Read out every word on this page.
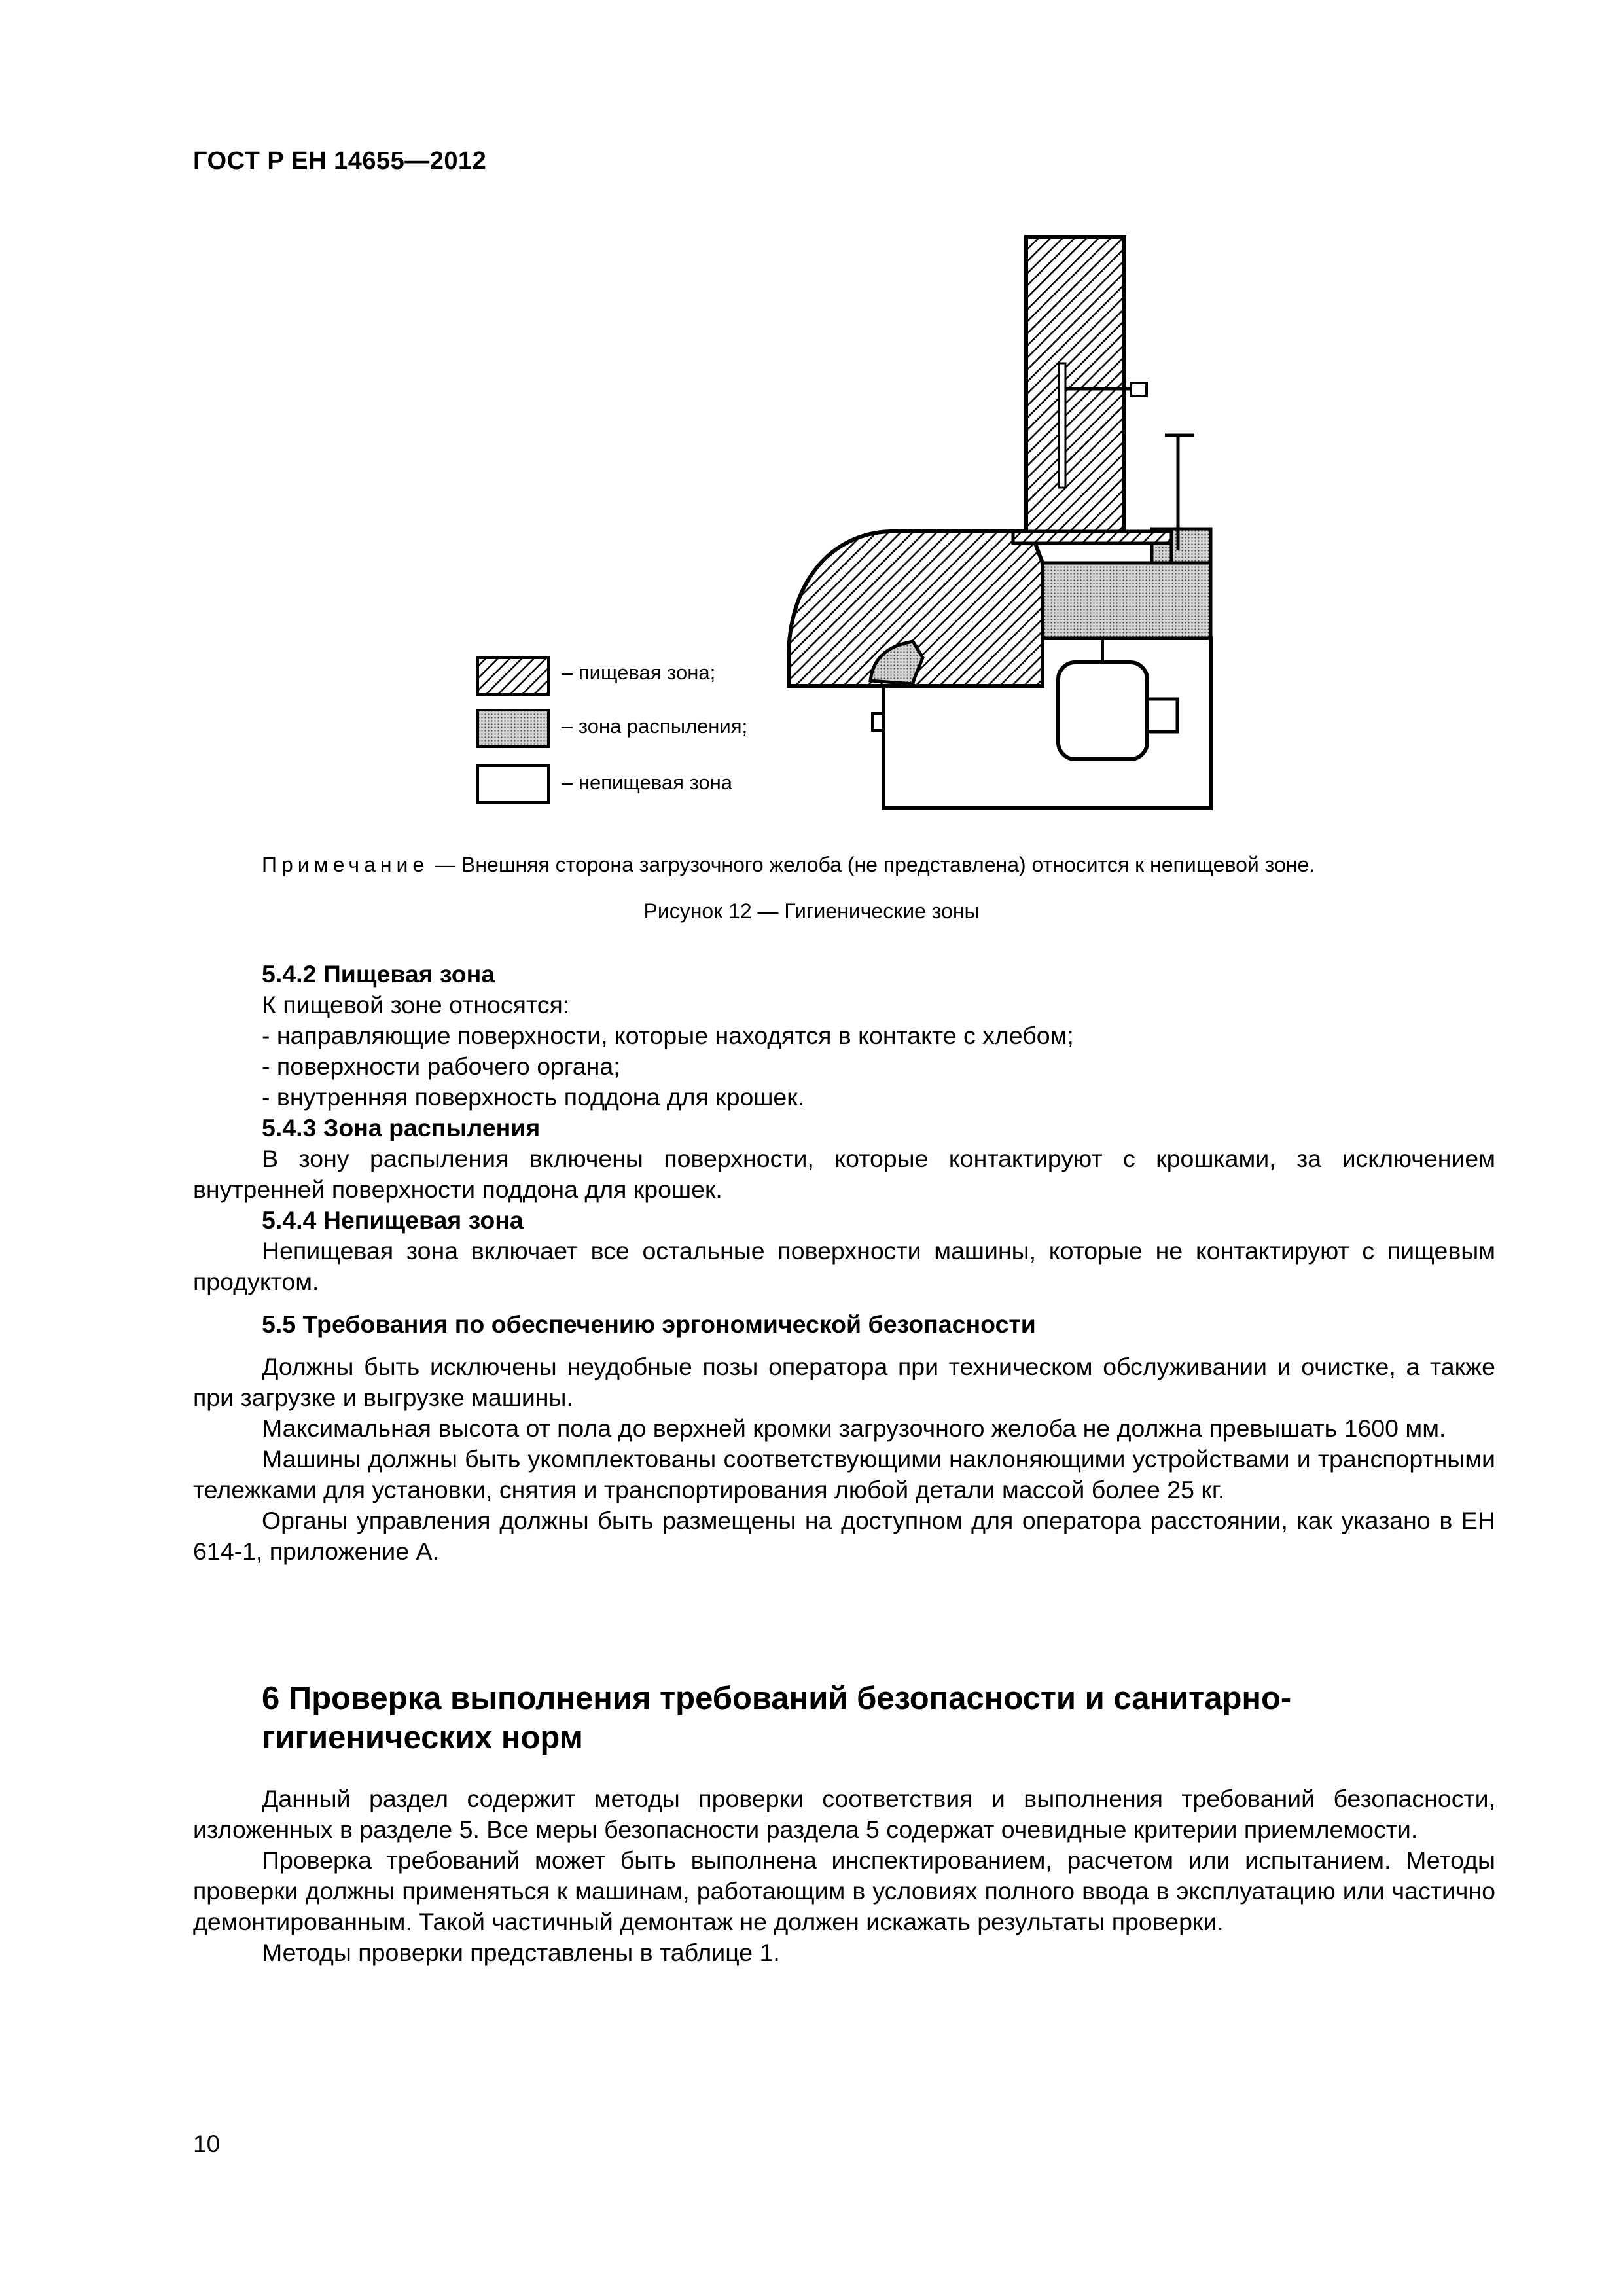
ГОСТ Р ЕН 14655—2012
– пищевая зона;
– зона распыления;
– непищевая зона
Примечание — Внешняя сторона загрузочного желоба (не представлена) относится к непищевой зоне.
Рисунок 12 — Гигиенические зоны

5.4.2 Пищевая зона

К пищевой зоне относятся:

- направляющие поверхности, которые находятся в контакте с хлебом;

- поверхности рабочего органа;

- внутренняя поверхность поддона для крошек.

5.4.3 Зона распыления

В зону распыления включены поверхности, которые контактируют с крошками, за исключением внутренней поверхности поддона для крошек.

5.4.4 Непищевая зона

Непищевая зона включает все остальные поверхности машины, которые не контактируют с пищевым продуктом.

5.5 Требования по обеспечению эргономической безопасности

Должны быть исключены неудобные позы оператора при техническом обслуживании и очистке, а также при загрузке и выгрузке машины.

Максимальная высота от пола до верхней кромки загрузочного желоба не должна превышать 1600 мм.

Машины должны быть укомплектованы соответствующими наклоняющими устройствами и транспортными тележками для установки, снятия и транспортирования любой детали массой более 25 кг.

Органы управления должны быть размещены на доступном для оператора расстоянии, как указано в ЕН 614-1, приложение А.

6 Проверка выполнения требований безопасности и санитарно-
гигиенических норм

Данный раздел содержит методы проверки соответствия и выполнения требований безопасности, изложенных в разделе 5. Все меры безопасности раздела 5 содержат очевидные критерии приемлемости.

Проверка требований может быть выполнена инспектированием, расчетом или испытанием. Методы проверки должны применяться к машинам, работающим в условиях полного ввода в эксплуатацию или частично демонтированным. Такой частичный демонтаж не должен искажать результаты проверки.

Методы проверки представлены в таблице 1.

10
